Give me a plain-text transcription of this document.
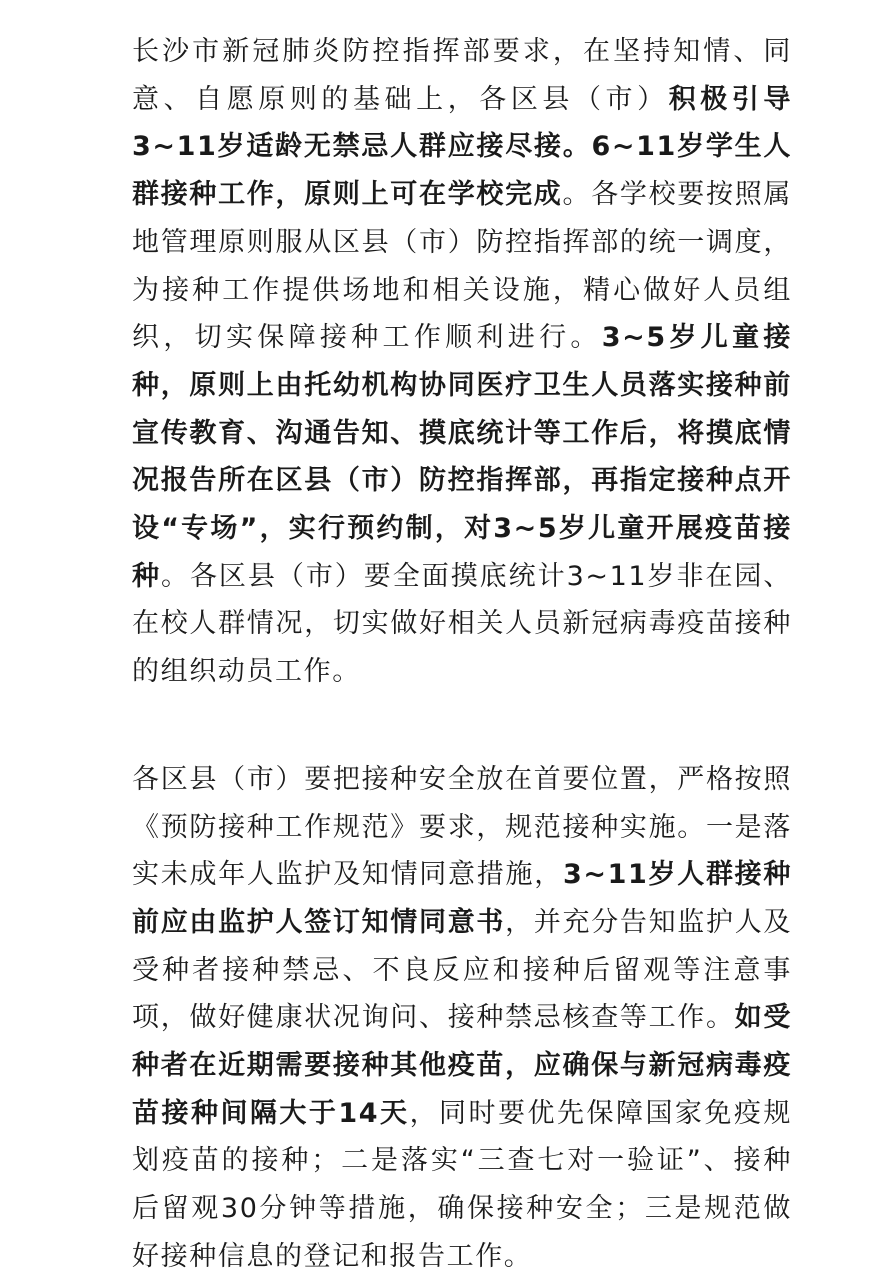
长沙市新冠肺炎防控指挥部要求，在坚持知情、同意、自愿原则的基础上，各区县（市）积极引导3~11岁适龄无禁忌人群应接尽接。6~11岁学生人群接种工作，原则上可在学校完成。各学校要按照属地管理原则服从区县（市）防控指挥部的统一调度，为接种工作提供场地和相关设施，精心做好人员组织，切实保障接种工作顺利进行。3~5岁儿童接种，原则上由托幼机构协同医疗卫生人员落实接种前宣传教育、沟通告知、摸底统计等工作后，将摸底情况报告所在区县（市）防控指挥部，再指定接种点开设“专场”，实行预约制，对3~5岁儿童开展疫苗接种。各区县（市）要全面摸底统计3~11岁非在园、在校人群情况，切实做好相关人员新冠病毒疫苗接种的组织动员工作。

各区县（市）要把接种安全放在首要位置，严格按照《预防接种工作规范》要求，规范接种实施。一是落实未成年人监护及知情同意措施，3~11岁人群接种前应由监护人签订知情同意书，并充分告知监护人及受种者接种禁忌、不良反应和接种后留观等注意事项，做好健康状况询问、接种禁忌核查等工作。如受种者在近期需要接种其他疫苗，应确保与新冠病毒疫苗接种间隔大于14天，同时要优先保障国家免疫规划疫苗的接种；二是落实“三查七对一验证”、接种后留观30分钟等措施，确保接种安全；三是规范做好接种信息的登记和报告工作。
